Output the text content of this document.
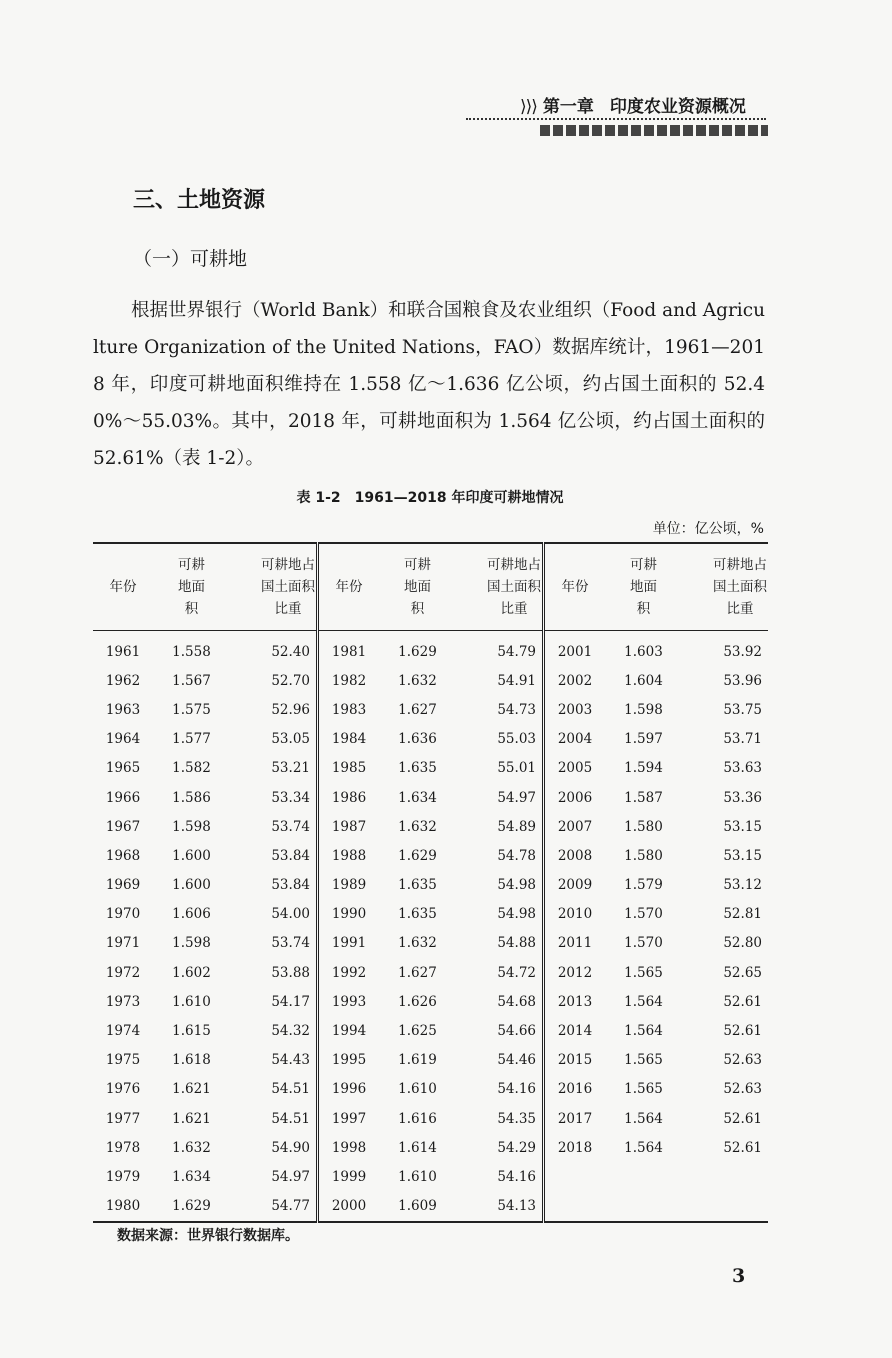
⟩⟩⟩ 第一章 印度农业资源概况
三、土地资源
（一）可耕地

根据世界银行（World Bank）和联合国粮食及农业组织（Food and Agriculture Organization of the United Nations，FAO）数据库统计，1961—2018 年，印度可耕地面积维持在 1.558 亿～1.636 亿公顷，约占国土面积的 52.40%～55.03%。其中，2018 年，可耕地面积为 1.564 亿公顷，约占国土面积的 52.61%（表 1-2）。

表 1-2　1961—2018 年印度可耕地情况
单位：亿公顷，%
年份	可耕地面积	可耕地占国土面积比重	年份	可耕地面积	可耕地占国土面积比重	年份	可耕地面积	可耕地占国土面积比重

1961	1.558	52.40	1981	1.629	54.79	2001	1.603	53.92
1962	1.567	52.70	1982	1.632	54.91	2002	1.604	53.96
1963	1.575	52.96	1983	1.627	54.73	2003	1.598	53.75
1964	1.577	53.05	1984	1.636	55.03	2004	1.597	53.71
1965	1.582	53.21	1985	1.635	55.01	2005	1.594	53.63
1966	1.586	53.34	1986	1.634	54.97	2006	1.587	53.36
1967	1.598	53.74	1987	1.632	54.89	2007	1.580	53.15
1968	1.600	53.84	1988	1.629	54.78	2008	1.580	53.15
1969	1.600	53.84	1989	1.635	54.98	2009	1.579	53.12
1970	1.606	54.00	1990	1.635	54.98	2010	1.570	52.81
1971	1.598	53.74	1991	1.632	54.88	2011	1.570	52.80
1972	1.602	53.88	1992	1.627	54.72	2012	1.565	52.65
1973	1.610	54.17	1993	1.626	54.68	2013	1.564	52.61
1974	1.615	54.32	1994	1.625	54.66	2014	1.564	52.61
1975	1.618	54.43	1995	1.619	54.46	2015	1.565	52.63
1976	1.621	54.51	1996	1.610	54.16	2016	1.565	52.63
1977	1.621	54.51	1997	1.616	54.35	2017	1.564	52.61
1978	1.632	54.90	1998	1.614	54.29	2018	1.564	52.61
1979	1.634	54.97	1999	1.610	54.16			
1980	1.629	54.77	2000	1.609	54.13			
数据来源：世界银行数据库。
3
